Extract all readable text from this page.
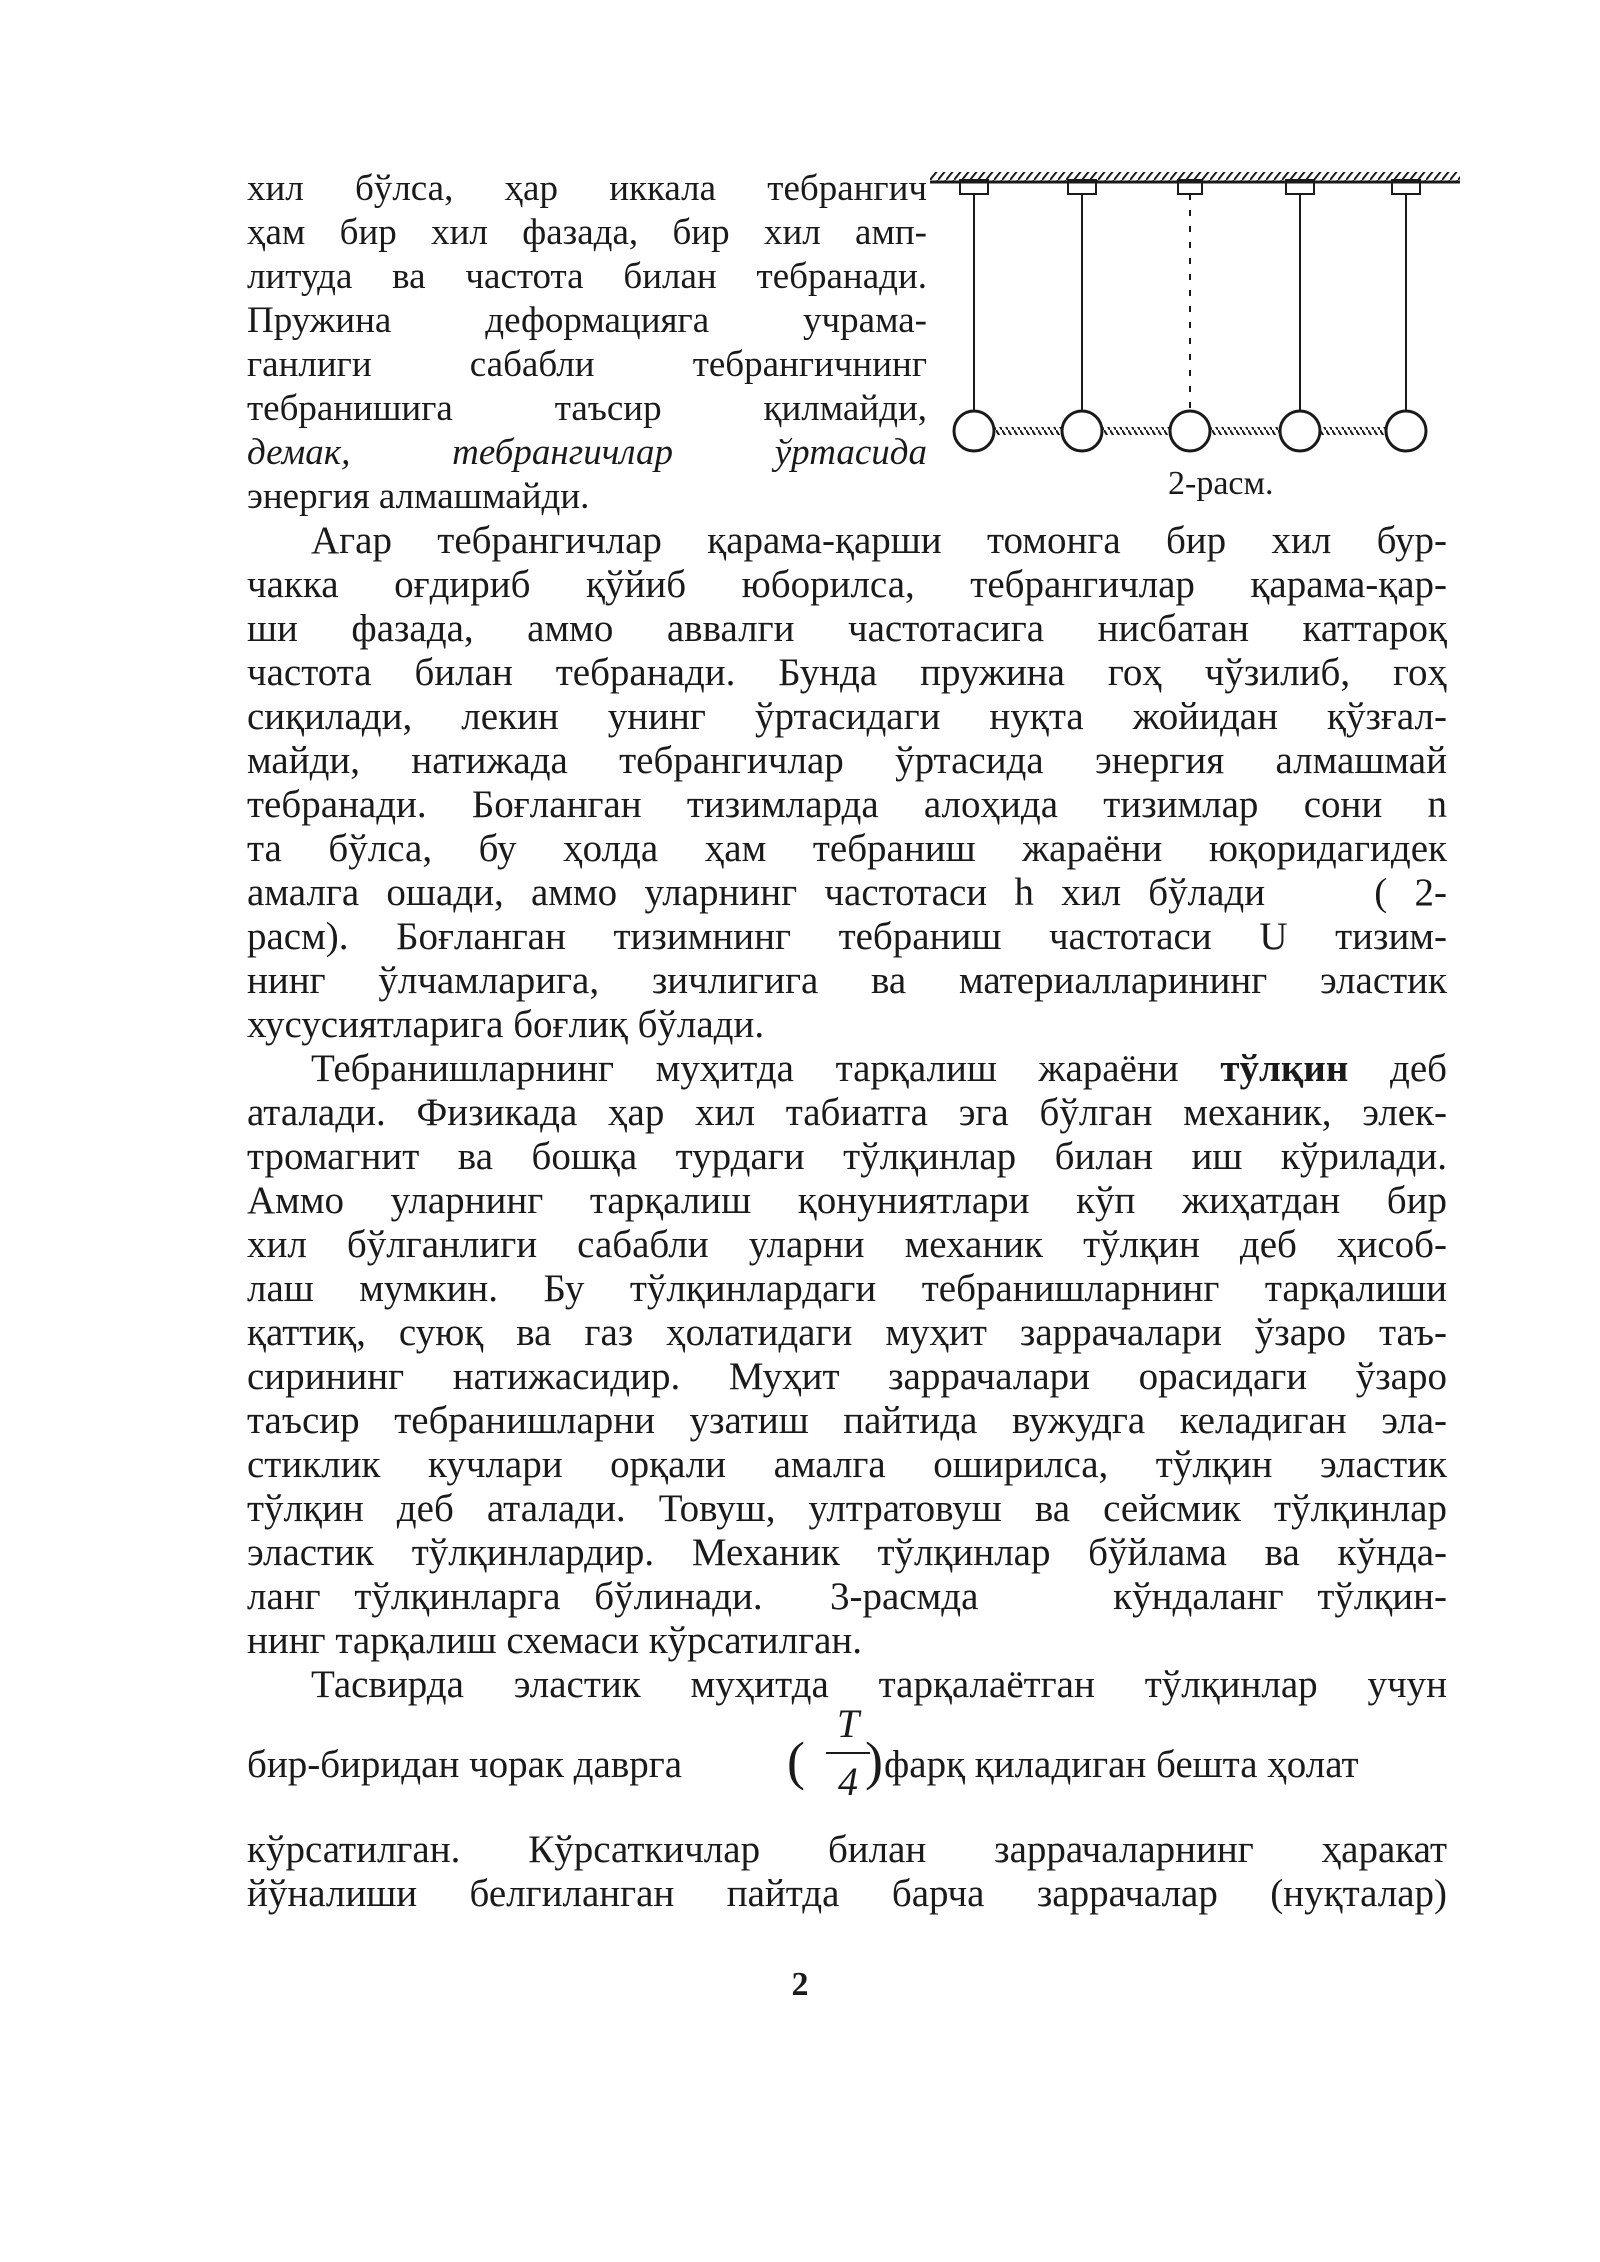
хил бўлса, ҳар иккала тебрангич
ҳам бир хил фазада, бир хил амп-
литуда ва частота билан тебранади.
Пружина деформацияга учрама-
ганлиги сабабли тебрангичнинг
тебранишига таъсир қилмайди,
демак, тебрангичлар ўртасида
энергия алмашмайди.	2-расм.
Агар тебрангичлар қарама-қарши томонга бир хил бур-
чакка оғдириб қўйиб юборилса, тебрангичлар қарама-қар-
ши фазада, аммо аввалги частотасига нисбатан каттароқ
частота билан тебранади. Бунда пружина гоҳ чўзилиб, гоҳ
сиқилади, лекин унинг ўртасидаги нуқта жойидан қўзғал-
майди, натижада тебрангичлар ўртасида энергия алмашмай
тебранади. Боғланган тизимларда алоҳида тизимлар сони n
та бўлса, бу ҳолда ҳам тебраниш жараёни юқоридагидек
амалга ошади, аммо уларнинг частотаси h хил бўлади    ( 2-
расм). Боғланган тизимнинг тебраниш частотаси U тизим-
нинг ўлчамларига, зичлигига ва материалларининг эластик
хусусиятларига боғлиқ бўлади.
Тебранишларнинг муҳитда тарқалиш жараёни тўлқин деб
аталади. Физикада ҳар хил табиатга эга бўлган механик, элек-
тромагнит ва бошқа турдаги тўлқинлар билан иш кўрилади.
Аммо уларнинг тарқалиш қонуниятлари кўп жиҳатдан бир
хил бўлганлиги сабабли уларни механик тўлқин деб ҳисоб-
лаш мумкин. Бу тўлқинлардаги тебранишларнинг тарқалиши
қаттиқ, суюқ ва газ ҳолатидаги муҳит заррачалари ўзаро таъ-
сирининг натижасидир. Муҳит заррачалари орасидаги ўзаро
таъсир тебранишларни узатиш пайтида вужудга келадиган эла-
стиклик кучлари орқали амалга оширилса, тўлқин эластик
тўлқин деб аталади. Товуш, ултратовуш ва сейсмик тўлқинлар
эластик тўлқинлардир. Механик тўлқинлар бўйлама ва кўнда-
ланг тўлқинларга бўлинади.  3-расмда    кўндаланг тўлқин-
нинг тарқалиш схемаси кўрсатилган.
Тасвирда эластик муҳитда тарқалаётган тўлқинлар учун
бир-биридан чорак даврга (
T
4 ) фарқ қиладиган бешта ҳолат
кўрсатилган. Кўрсаткичлар билан заррачаларнинг ҳаракат
йўналиши белгиланган пайтда барча заррачалар (нуқталар)
2
